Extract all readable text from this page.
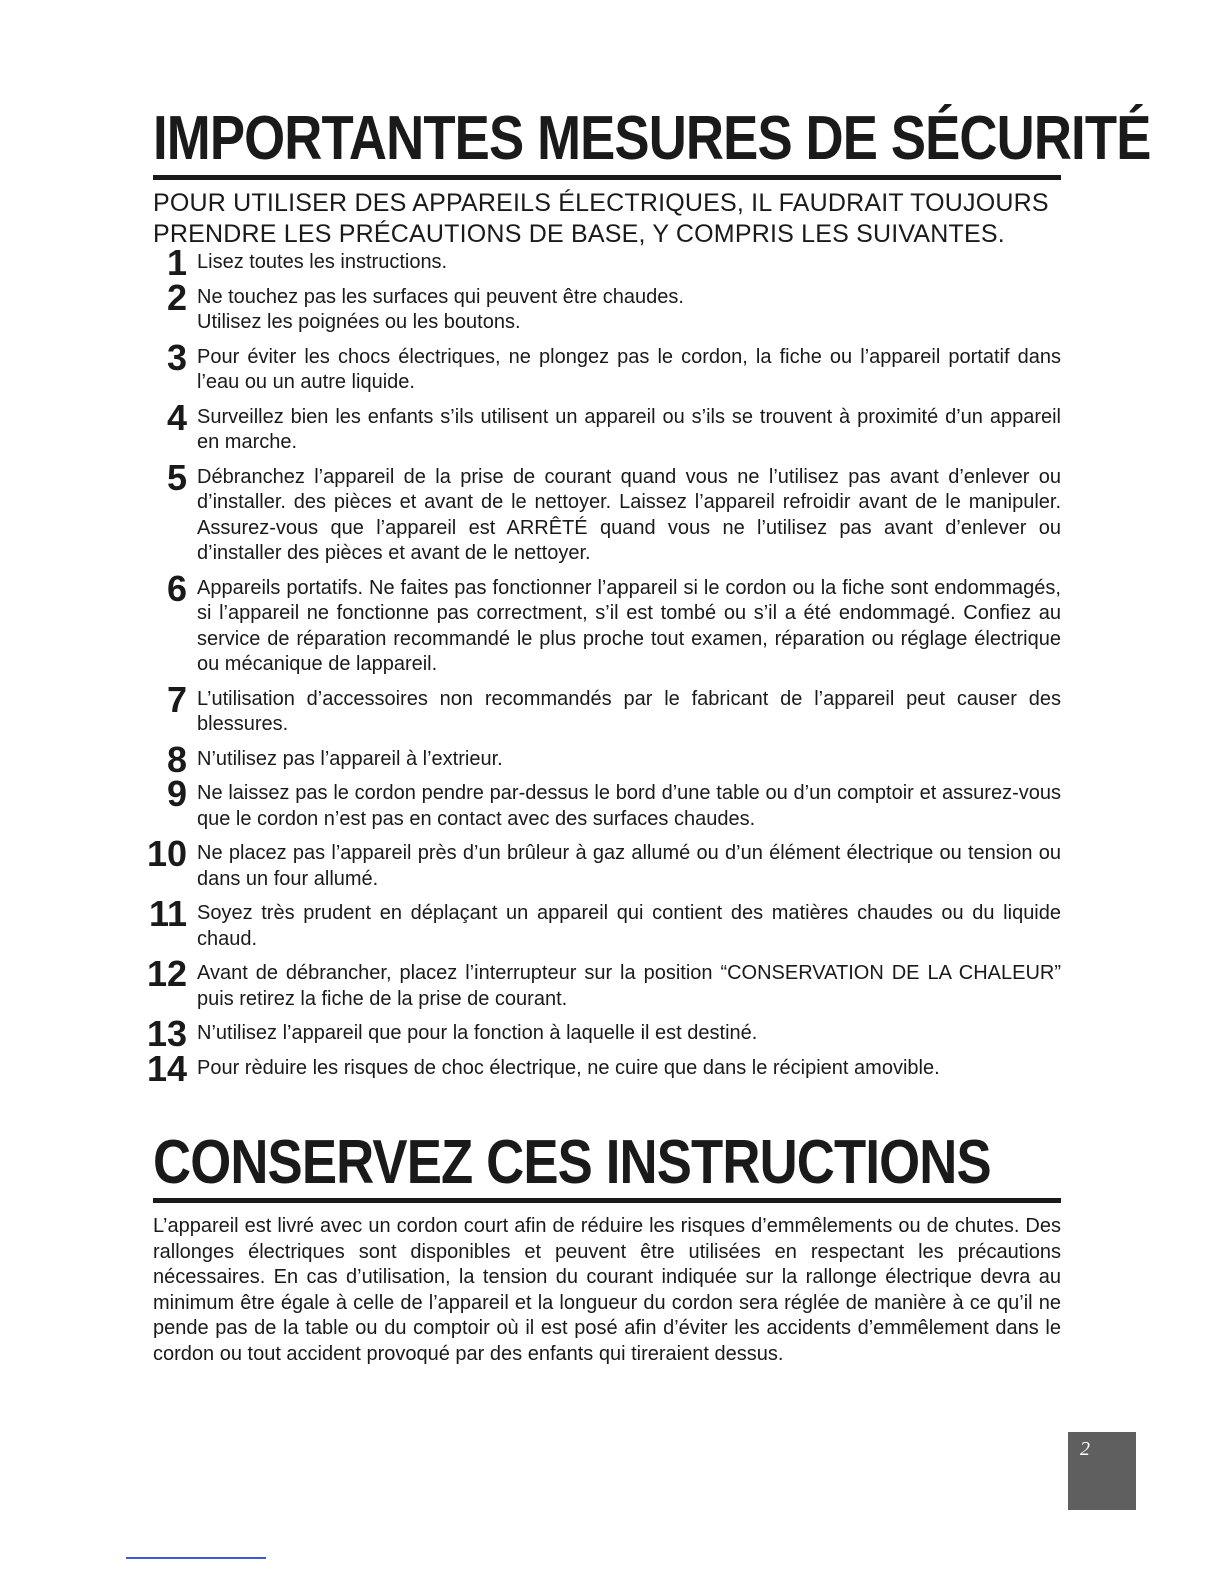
IMPORTANTES MESURES DE SÉCURITÉ

POUR UTILISER DES APPAREILS ÉLECTRIQUES, IL FAUDRAIT TOUJOURS PRENDRE LES PRÉCAUTIONS DE BASE, Y COMPRIS LES SUIVANTES.

1 Lisez toutes les instructions.
2 Ne touchez pas les surfaces qui peuvent être chaudes.
Utilisez les poignées ou les boutons.
3 Pour éviter les chocs électriques, ne plongez pas le cordon, la fiche ou l’appareil portatif dans l’eau ou un autre liquide.
4 Surveillez bien les enfants s’ils utilisent un appareil ou s’ils se trouvent à proximité d’un appareil en marche.
5 Débranchez l’appareil de la prise de courant quand vous ne l’utilisez pas avant d’enlever ou d’installer. des pièces et avant de le nettoyer. Laissez l’appareil refroidir avant de le manipuler. Assurez-vous que l’appareil est ARRÊTÉ quand vous ne l’utilisez pas avant d’enlever ou d’installer des pièces et avant de le nettoyer.
6 Appareils portatifs. Ne faites pas fonctionner l’appareil si le cordon ou la fiche sont endommagés, si l’appareil ne fonctionne pas correctment, s’il est tombé ou s’il a été endommagé. Confiez au service de réparation recommandé le plus proche tout examen, réparation ou réglage électrique ou mécanique de lappareil.
7 L’utilisation d’accessoires non recommandés par le fabricant de l’appareil peut causer des blessures.
8 N’utilisez pas l’appareil à l’extrieur.
9 Ne laissez pas le cordon pendre par-dessus le bord d’une table ou d’un comptoir et assurez-vous que le cordon n’est pas en contact avec des surfaces chaudes.
10 Ne placez pas l’appareil près d’un brûleur à gaz allumé ou d’un élément électrique ou tension ou dans un four allumé.
11 Soyez très prudent en déplaçant un appareil qui contient des matières chaudes ou du liquide chaud.
12 Avant de débrancher, placez l’interrupteur sur la position “CONSERVATION DE LA CHALEUR” puis retirez la fiche de la prise de courant.
13 N’utilisez l’appareil que pour la fonction à laquelle il est destiné.
14 Pour rèduire les risques de choc électrique, ne cuire que dans le récipient amovible.
CONSERVEZ CES INSTRUCTIONS

L’appareil est livré avec un cordon court afin de réduire les risques d’emmêlements ou de chutes. Des rallonges électriques sont disponibles et peuvent être utilisées en respectant les précautions nécessaires. En cas d’utilisation, la tension du courant indiquée sur la rallonge électrique devra au minimum être égale à celle de l’appareil et la longueur du cordon sera réglée de manière à ce qu’il ne pende pas de la table ou du comptoir où il est posé afin d’éviter les accidents d’emmêlement dans le cordon ou tout accident provoqué par des enfants qui tireraient dessus.

2
